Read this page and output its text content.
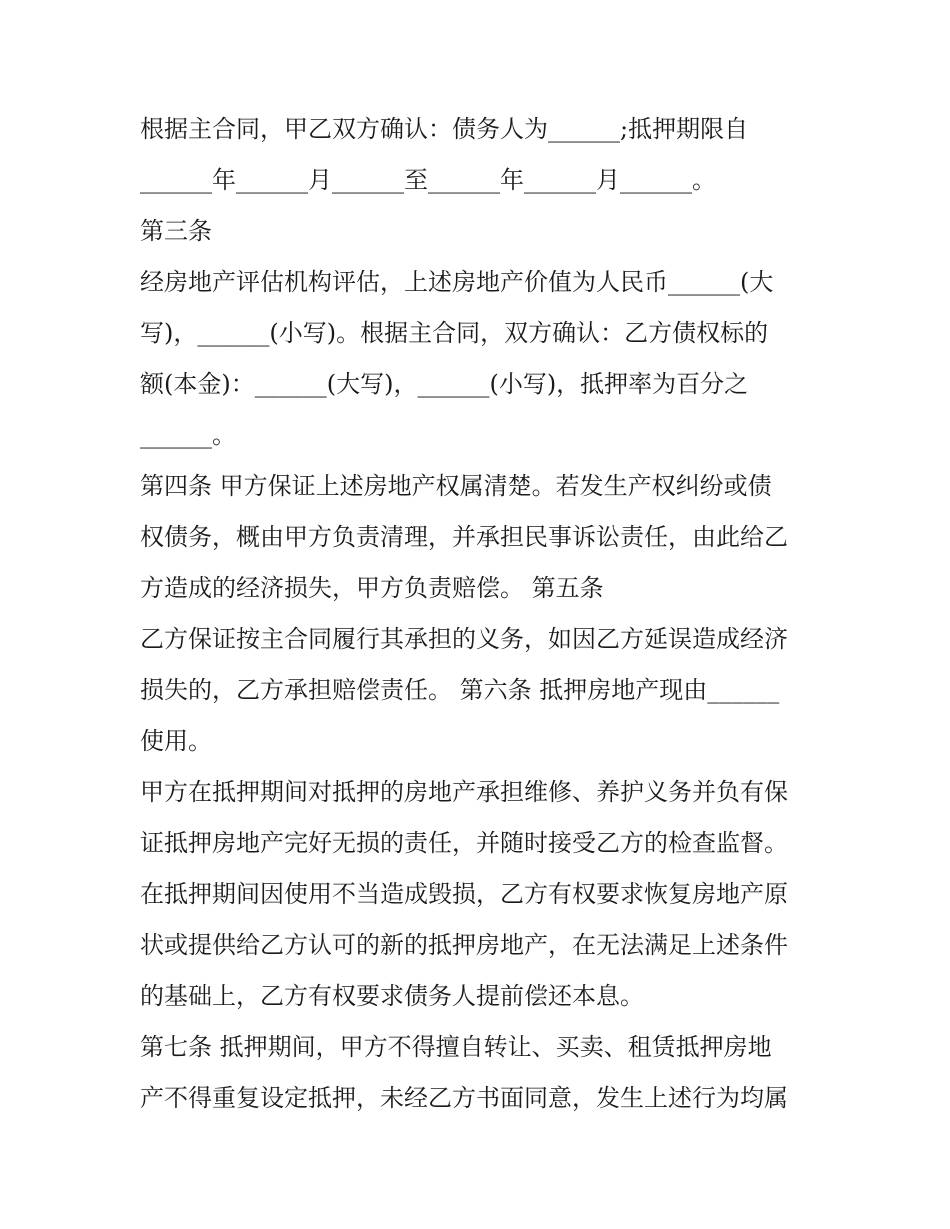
根据主合同，甲乙双方确认：债务人为______;抵押期限自
______年______月______至______年______月______。
第三条
经房地产评估机构评估，上述房地产价值为人民币______(大
写)，______(小写)。根据主合同，双方确认：乙方债权标的
额(本金)：______(大写)，______(小写)，抵押率为百分之
______。
第四条 甲方保证上述房地产权属清楚。若发生产权纠纷或债
权债务，概由甲方负责清理，并承担民事诉讼责任，由此给乙
方造成的经济损失，甲方负责赔偿。 第五条
乙方保证按主合同履行其承担的义务，如因乙方延误造成经济
损失的，乙方承担赔偿责任。 第六条 抵押房地产现由______
使用。
甲方在抵押期间对抵押的房地产承担维修、养护义务并负有保
证抵押房地产完好无损的责任，并随时接受乙方的检查监督。
在抵押期间因使用不当造成毁损，乙方有权要求恢复房地产原
状或提供给乙方认可的新的抵押房地产，在无法满足上述条件
的基础上，乙方有权要求债务人提前偿还本息。
第七条 抵押期间，甲方不得擅自转让、买卖、租赁抵押房地
产不得重复设定抵押，未经乙方书面同意，发生上述行为均属
